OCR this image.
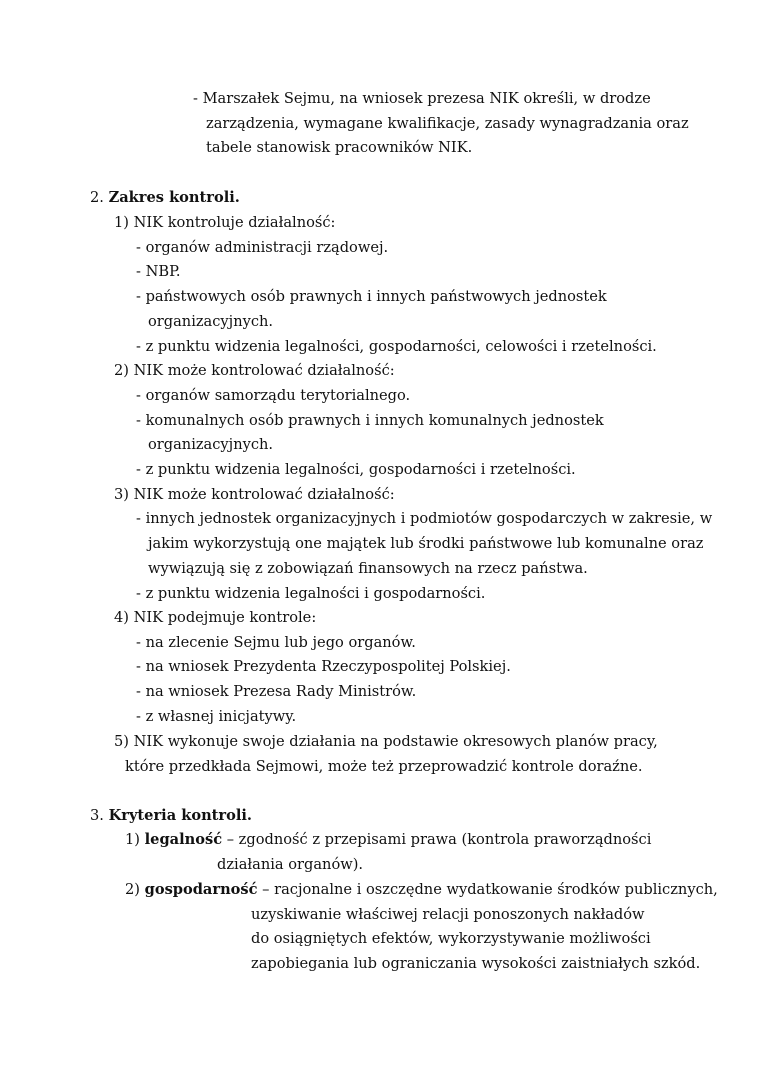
- Marszałek Sejmu, na wniosek prezesa NIK określi, w drodze
zarządzenia, wymagane kwalifikacje, zasady wynagradzania oraz
tabele stanowisk pracowników NIK.
2. Zakres kontroli.
1) NIK kontroluje działalność:
- organów administracji rządowej.
- NBP.
- państwowych osób prawnych i innych państwowych jednostek
organizacyjnych.
- z punktu widzenia legalności, gospodarności, celowości i rzetelności.
2) NIK może kontrolować działalność:
- organów samorządu terytorialnego.
- komunalnych osób prawnych i innych komunalnych jednostek
organizacyjnych.
- z punktu widzenia legalności, gospodarności i rzetelności.
3) NIK może kontrolować działalność:
- innych jednostek organizacyjnych i podmiotów gospodarczych w zakresie, w
jakim wykorzystują one majątek lub środki państwowe lub komunalne oraz
wywiązują się z zobowiązań finansowych na rzecz państwa.
- z punktu widzenia legalności i gospodarności.
4) NIK podejmuje kontrole:
- na zlecenie Sejmu lub jego organów.
- na wniosek Prezydenta Rzeczypospolitej Polskiej.
- na wniosek Prezesa Rady Ministrów.
- z własnej inicjatywy.
5) NIK wykonuje swoje działania na podstawie okresowych planów pracy,
które przedkłada Sejmowi, może też przeprowadzić kontrole doraźne.
3. Kryteria kontroli.
1) legalność – zgodność z przepisami prawa (kontrola praworządności
działania organów).
2) gospodarność – racjonalne i oszczędne wydatkowanie środków publicznych,
uzyskiwanie właściwej relacji ponoszonych nakładów
do osiągniętych efektów, wykorzystywanie możliwości
zapobiegania lub ograniczania wysokości zaistniałych szkód.
